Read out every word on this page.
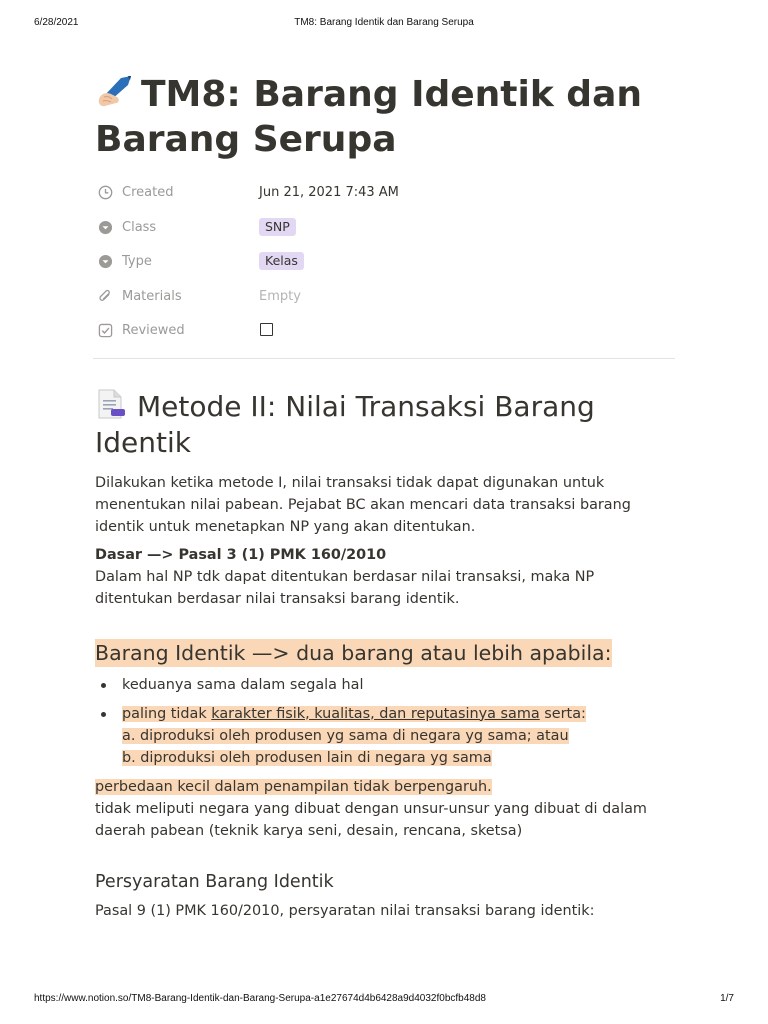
6/28/2021	TM8: Barang Identik dan Barang Serupa
TM8: Barang Identik dan Barang Serupa
Created	Jun 21, 2021 7:43 AM
Class	SNP
Type	Kelas
Materials	Empty
Reviewed
Metode II: Nilai Transaksi Barang Identik

Dilakukan ketika metode I, nilai transaksi tidak dapat digunakan untuk menentukan nilai pabean. Pejabat BC akan mencari data transaksi barang identik untuk menetapkan NP yang akan ditentukan.

Dasar —> Pasal 3 (1) PMK 160/2010

Dalam hal NP tdk dapat ditentukan berdasar nilai transaksi, maka NP ditentukan berdasar nilai transaksi barang identik.

Barang Identik —> dua barang atau lebih apabila:
keduanya sama dalam segala hal
paling tidak karakter fisik, kualitas, dan reputasinya sama serta:
a. diproduksi oleh produsen yg sama di negara yg sama; atau
b. diproduksi oleh produsen lain di negara yg sama

perbedaan kecil dalam penampilan tidak berpengaruh.
tidak meliputi negara yang dibuat dengan unsur-unsur yang dibuat di dalam daerah pabean (teknik karya seni, desain, rencana, sketsa)

Persyaratan Barang Identik

Pasal 9 (1) PMK 160/2010, persyaratan nilai transaksi barang identik:

https://www.notion.so/TM8-Barang-Identik-dan-Barang-Serupa-a1e27674d4b6428a9d4032f0bcfb48d8	1/7
